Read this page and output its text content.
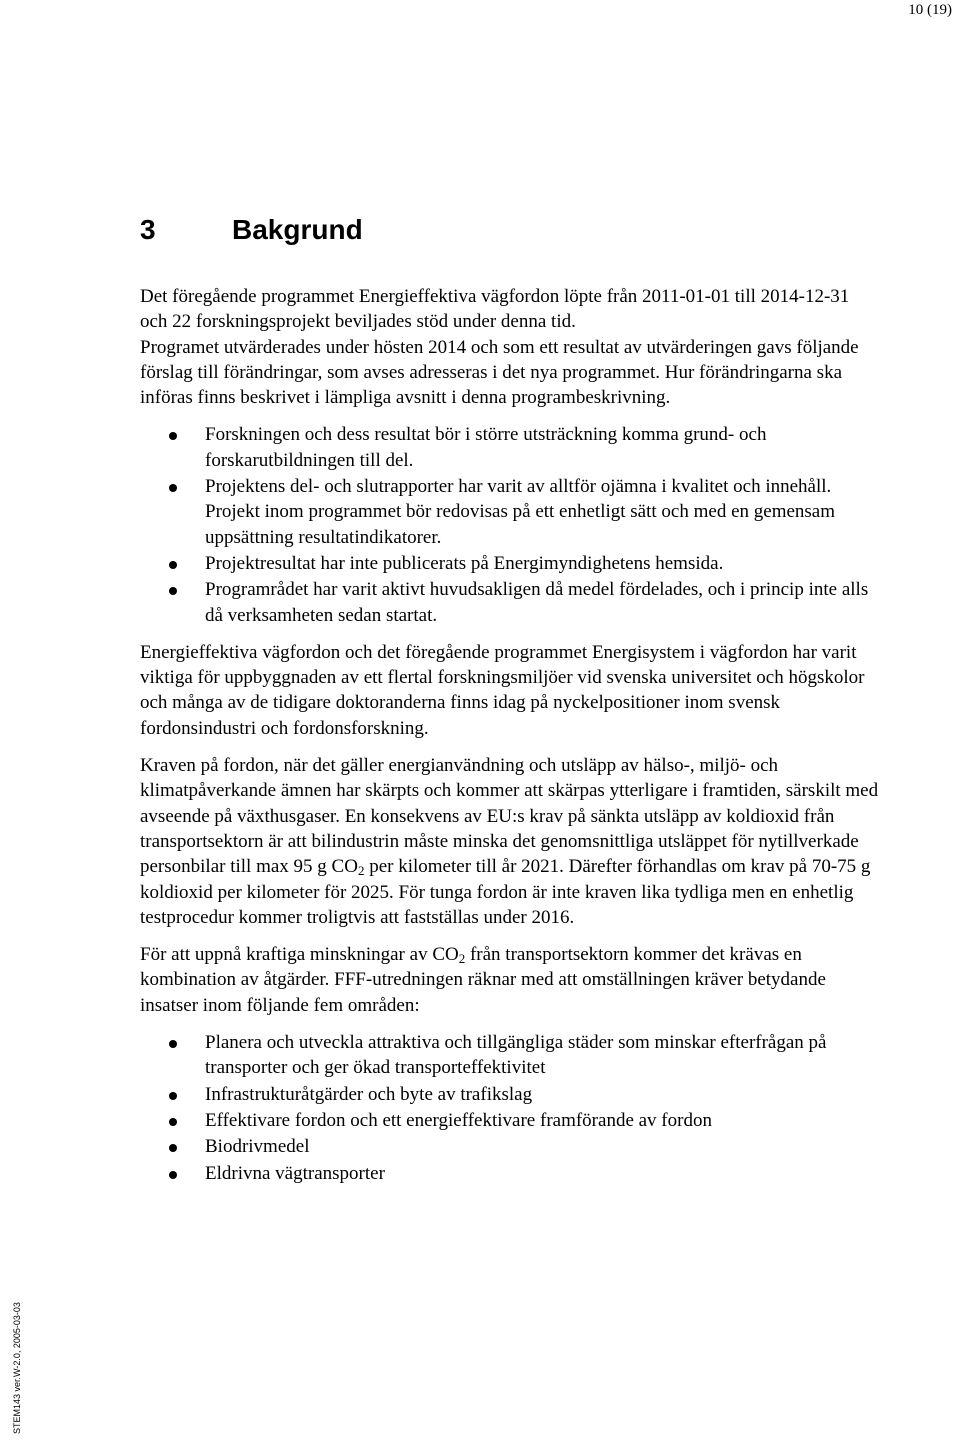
10 (19)
3	Bakgrund

Det föregående programmet Energieffektiva vägfordon löpte från 2011-01-01 till 2014-12-31 och 22 forskningsprojekt beviljades stöd under denna tid.

Programet utvärderades under hösten 2014 och som ett resultat av utvärderingen gavs följande förslag till förändringar, som avses adresseras i det nya programmet. Hur förändringarna ska införas finns beskrivet i lämpliga avsnitt i denna programbeskrivning.

Forskningen och dess resultat bör i större utsträckning komma grund- och forskarutbildningen till del.
Projektens del- och slutrapporter har varit av alltför ojämna i kvalitet och innehåll. Projekt inom programmet bör redovisas på ett enhetligt sätt och med en gemensam uppsättning resultatindikatorer.
Projektresultat har inte publicerats på Energimyndighetens hemsida.
Programrådet har varit aktivt huvudsakligen då medel fördelades, och i princip inte alls då verksamheten sedan startat.

Energieffektiva vägfordon och det föregående programmet Energisystem i vägfordon har varit viktiga för uppbyggnaden av ett flertal forskningsmiljöer vid svenska universitet och högskolor och många av de tidigare doktoranderna finns idag på nyckelpositioner inom svensk fordonsindustri och fordonsforskning.

Kraven på fordon, när det gäller energianvändning och utsläpp av hälso-, miljö- och klimatpåverkande ämnen har skärpts och kommer att skärpas ytterligare i framtiden, särskilt med avseende på växthusgaser. En konsekvens av EU:s krav på sänkta utsläpp av koldioxid från transportsektorn är att bilindustrin måste minska det genomsnittliga utsläppet för nytillverkade personbilar till max 95 g $CO_2$ per kilometer till år 2021. Därefter förhandlas om krav på 70-75 g koldioxid per kilometer för 2025. För tunga fordon är inte kraven lika tydliga men en enhetlig testprocedur kommer troligtvis att fastställas under 2016.

För att uppnå kraftiga minskningar av $CO_2$ från transportsektorn kommer det krävas en kombination av åtgärder. FFF-utredningen räknar med att omställningen kräver betydande insatser inom följande fem områden:

Planera och utveckla attraktiva och tillgängliga städer som minskar efterfrågan på transporter och ger ökad transporteffektivitet
Infrastrukturåtgärder och byte av trafikslag
Effektivare fordon och ett energieffektivare framförande av fordon
Biodrivmedel
Eldrivna vägtransporter
STEM143 ver.W-2.0, 2005-03-03
